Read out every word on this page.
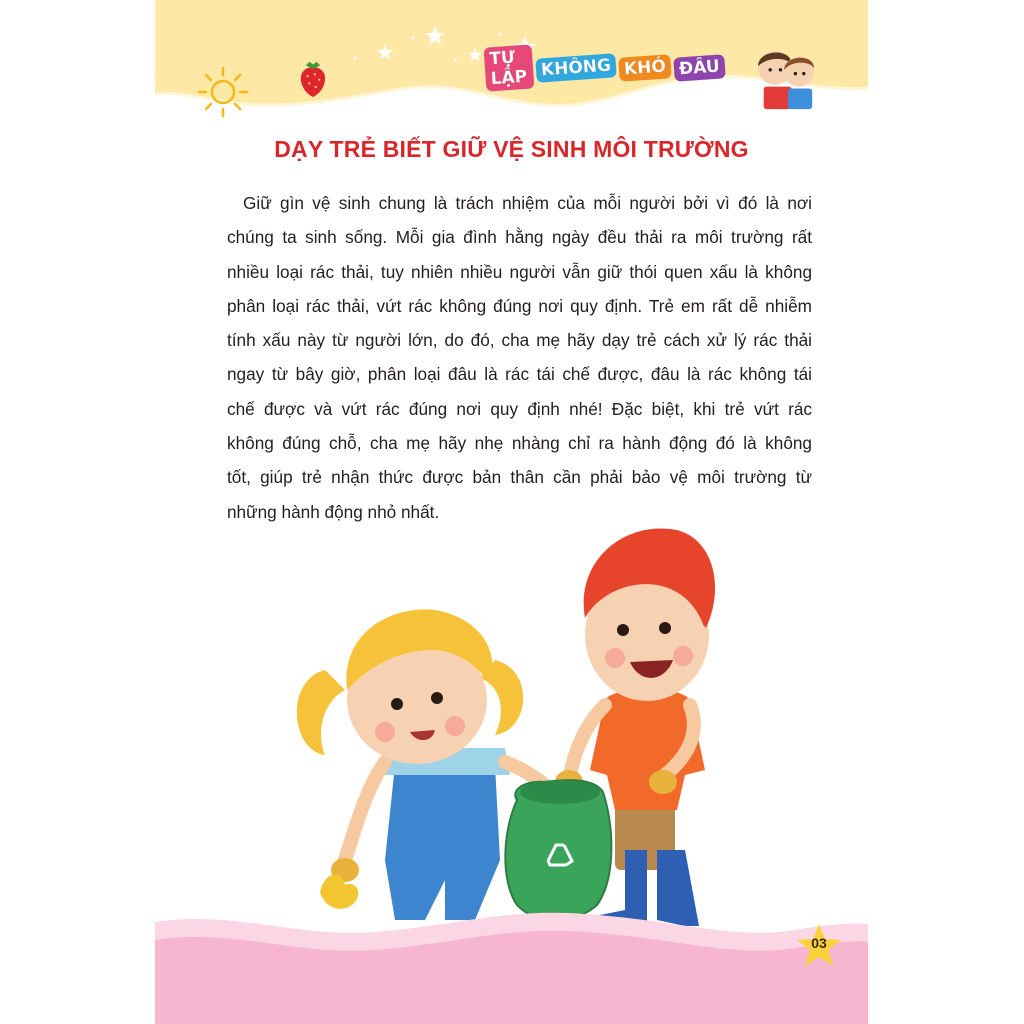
TỰ LẬP KHÔNG KHÓ ĐÂU
DẠY TRẺ BIẾT GIỮ VỆ SINH MÔI TRƯỜNG
Giữ gìn vệ sinh chung là trách nhiệm của mỗi người bởi vì đó là nơi
chúng ta sinh sống. Mỗi gia đình hằng ngày đều thải ra môi trường rất
nhiều loại rác thải, tuy nhiên nhiều người vẫn giữ thói quen xấu là không
phân loại rác thải, vứt rác không đúng nơi quy định. Trẻ em rất dễ nhiễm
tính xấu này từ người lớn, do đó, cha mẹ hãy dạy trẻ cách xử lý rác thải
ngay từ bây giờ, phân loại đâu là rác tái chế được, đâu là rác không tái
chế được và vứt rác đúng nơi quy định nhé! Đặc biệt, khi trẻ vứt rác
không đúng chỗ, cha mẹ hãy nhẹ nhàng chỉ ra hành động đó là không
tốt, giúp trẻ nhận thức được bản thân cần phải bảo vệ môi trường từ
những hành động nhỏ nhất.
03
